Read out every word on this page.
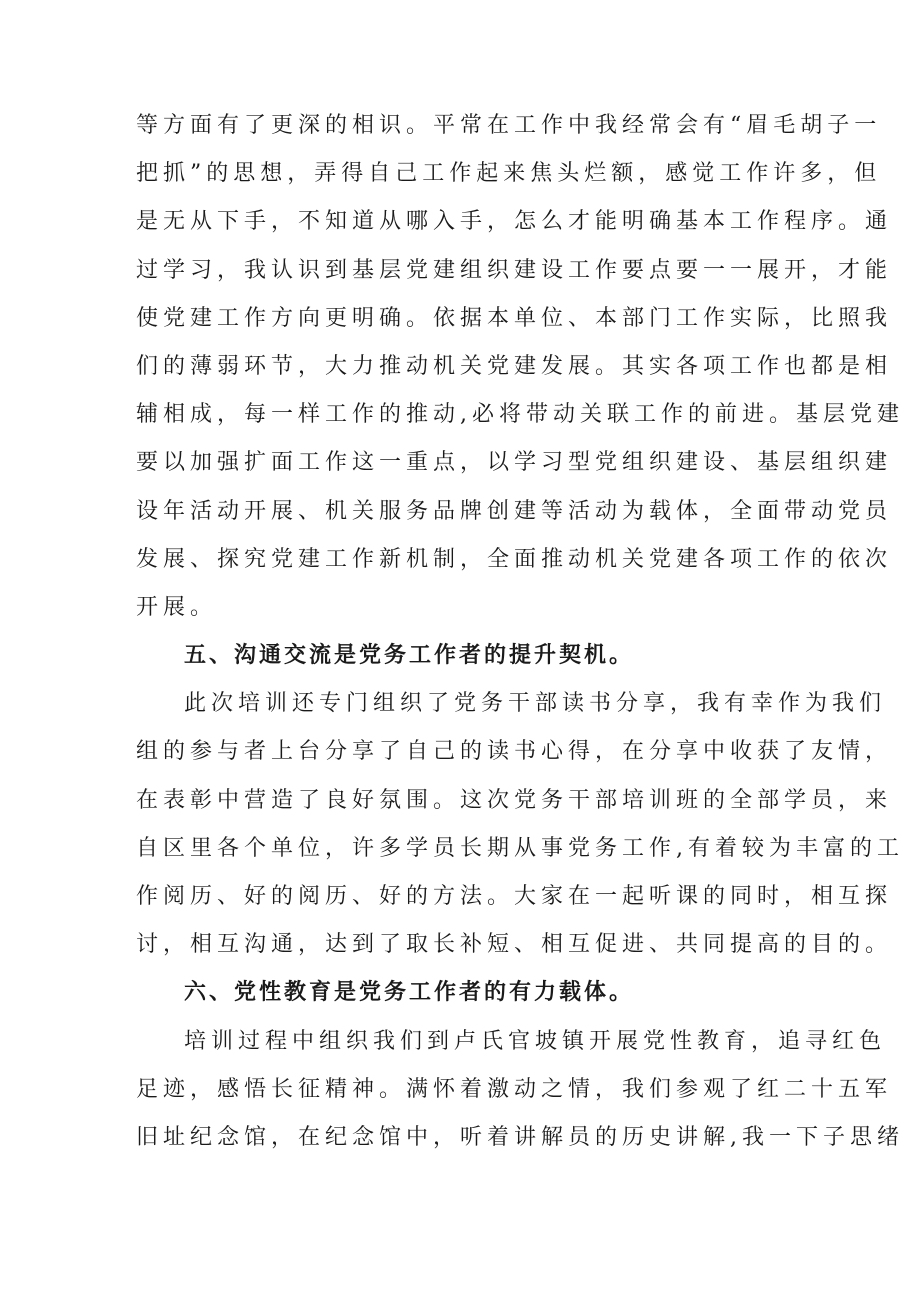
等方面有了更深的相识。平常在工作中我经常会有“眉毛胡子一
把抓”的思想，弄得自己工作起来焦头烂额，感觉工作许多，但
是无从下手，不知道从哪入手，怎么才能明确基本工作程序。通
过学习，我认识到基层党建组织建设工作要点要一一展开，才能
使党建工作方向更明确。依据本单位、本部门工作实际，比照我
们的薄弱环节，大力推动机关党建发展。其实各项工作也都是相
辅相成，每一样工作的推动,必将带动关联工作的前进。基层党建
要以加强扩面工作这一重点，以学习型党组织建设、基层组织建
设年活动开展、机关服务品牌创建等活动为载体，全面带动党员
发展、探究党建工作新机制，全面推动机关党建各项工作的依次
开展。
五、沟通交流是党务工作者的提升契机。
此次培训还专门组织了党务干部读书分享，我有幸作为我们
组的参与者上台分享了自己的读书心得，在分享中收获了友情，
在表彰中营造了良好氛围。这次党务干部培训班的全部学员，来
自区里各个单位，许多学员长期从事党务工作,有着较为丰富的工
作阅历、好的阅历、好的方法。大家在一起听课的同时，相互探
讨，相互沟通，达到了取长补短、相互促进、共同提高的目的。
六、党性教育是党务工作者的有力载体。
培训过程中组织我们到卢氏官坡镇开展党性教育，追寻红色
足迹，感悟长征精神。满怀着激动之情，我们参观了红二十五军
旧址纪念馆，在纪念馆中，听着讲解员的历史讲解,我一下子思绪
